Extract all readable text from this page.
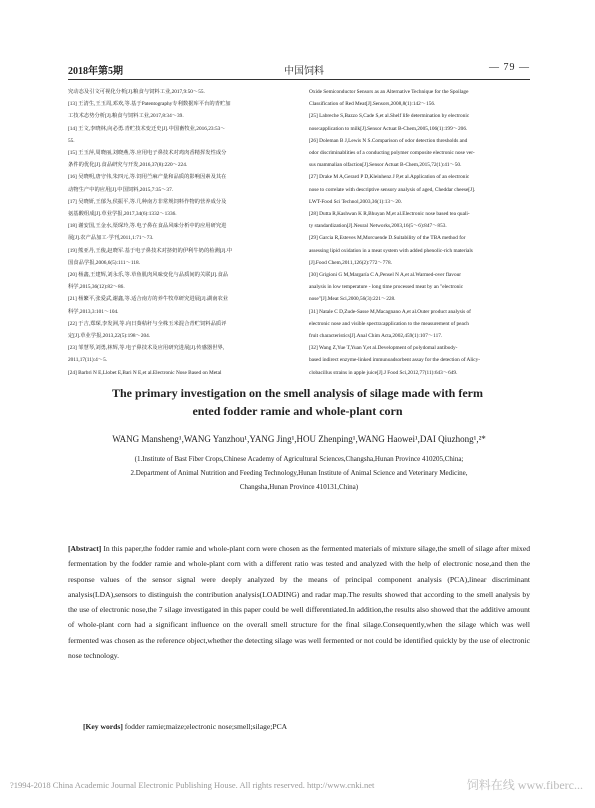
2018年第5期	中国饲料	— 79 —
究动态及引文可视化分析[J].粮食与饲料工业,2017,9:50～55.
[13] 王清生,王玉周,邓欢,等.基于Patentography专利数据库平台的青贮加
工技术态势分析[J].粮食与饲料工业,2017,8:34～39.
[14] 王文,李晓林,向必勇.青贮技术变迁史[J].中国畜牧业,2016,23:53～
55.
[15] 王玉萍,周晓丽,刘晓燕,等.应用电子鼻技术对鸡肉香精挥发性成分
条件的优化[J].食品研究与开发,2016,37(8):220～224.
[16] 吴晓明,唐守伟,朱四元,等.饲用苎麻产量和品质的影响因素及其在
动物生产中的应用[J].中国饲料,2015,7:35～37.
[17] 吴晓妍,王郁为,侯振平,等.几种南方非常规饲料作物的营养成分及
氨基酸组成[J].草业学报,2017,34(6):1332～1336.
[18] 谢安国,王金水,渠琛玲,等.电子鼻在食品风味分析中的应用研究进
展[J].农产品加工·学刊,2011,1:71～73.
[19] 熊亚丹,王俊,赵晓军.基于电子鼻技术对挤奶的伊利牛奶的检测[J].中
国食品学报,2006,6(5):111～118.
[20] 杨鑫,王建辉,刘永乐,等.草鱼肌肉风味变化与品质间的关联[J].食品
科学,2015,36(12):82～86.
[21] 杨繁平,张爱武,谢鑫,等.适合南方的养牛牧草研究进展[J].湖南农业
科学,2013,3:101～104.
[22] 于吉,郑琛,李发洲,等.向日葵秸秆与全株玉米混合青贮饲料品质评
定[J].草业学报,2013,22(5):198～204.
[23] 邹慧琴,刘勇,林辉,等.电子鼻技术及应用研究进展[J].传感器世界,
2011,17(11):4～5.
[24] Barbri N E,Llobet E,Bari N E,et al.Electronic Nose Based on Metal
Oxide Semiconductor Sensors as an Alternative Technique for the Spoilage
Classification of Red Meat[J].Sensors,2008,8(1):142～156.
[25] Labreche S,Bazzo S,Cade S,et al.Shelf life determination by electronic
nose:application to milk[J].Sensor Actuat B-Chem,2005,106(1):199～206.
[26] Doleman B J,Lewis N S.Comparison of odor detection thresholds and
odor discriminablities of a conducting polymer composite electronic nose ver-
sus mammalian olfaction[J].Sensor Actuat B-Chem,2015,72(1):41～50.
[27] Drake M A,Gerard P D,Kleinhenz J P,et al.Application of an electronic
nose to correlate with descriptive sensory analysis of aged, Cheddar cheese[J].
LWT-Food Sci Technol,2003,36(1):13～20.
[28] Dutta R,Kashwan K R,Bhuyan M,et al.Electronic nose based tea quali-
ty standardization[J].Neural Networks,2003,16(5～6):847～853.
[29] Garcia R,Esteves M,Morcuende D.Suitability of the TBA method for
assessing lipid oxidation in a meat system with added phenolic-rich materials
[J].Food Chem,2011,126(2):772～778.
[30] Grigioni G M,Margaría C A,Pensel N A,et al.Warmed-over flavour
analysis in low temperature - long time processed meat by an "electronic
nose"[J].Meat Sci,2000,56(3):221～228.
[31] Natale C D,Zude-Sasse M,Macagnano A,et al.Outer product analysis of
electronic nose and visible spectra:application to the measurement of peach
fruit characteristics[J].Anal Chim Acta,2002,459(1):107～117.
[32] Wang Z,Yue T,Yuan Y,et al.Development of polydomal antibody-
based indirect enzyme-linked immunoadsorbent assay for the detection of Alicy-
clobacillus strains in apple juice[J].J Food Sci,2012,77(11):643～649.
The primary investigation on the smell analysis of silage made with ferm
ented fodder ramie and whole-plant corn
WANG Mansheng¹,WANG Yanzhou¹,YANG Jing¹,HOU Zhenping¹,WANG Haowei¹,DAI Qiuzhong¹,²*
(1.Institute of Bast Fiber Crops,Chinese Academy of Agricultural Sciences,Changsha,Hunan Province 410205,China;
2.Department of Animal Nutrition and Feeding Technology,Hunan Institute of Animal Science and Veterinary Medicine,
Changsha,Hunan Province 410131,China)
[Abstract] In this paper,the fodder ramie and whole-plant corn were chosen as the fermented materials of mixture silage,the smell of silage after mixed fermentation by the fodder ramie and whole-plant corn with a different ratio was tested and analyzed with the help of electronic nose,and then the response values of the sensor signal were deeply analyzed by the means of principal component analysis (PCA),linear discriminant analysis(LDA),sensors to distinguish the contribution analysis(LOADING) and radar map.The results showed that according to the smell analysis by the use of electronic nose,the 7 silage investigated in this paper could be well differentiated.In addition,the results also showed that the additive amount of whole-plant corn had a significant influence on the overall smell structure for the final silage.Consequently,when the silage which was well fermented was chosen as the reference object,whether the detecting silage was well fermented or not could be identified quickly by the use of electronic nose technology.
[Key words] fodder ramie;maize;electronic nose;smell;silage;PCA
?1994-2018 China Academic Journal Electronic Publishing House. All rights reserved. http://www.cnki.net	饲料在线 www.fiberc...
